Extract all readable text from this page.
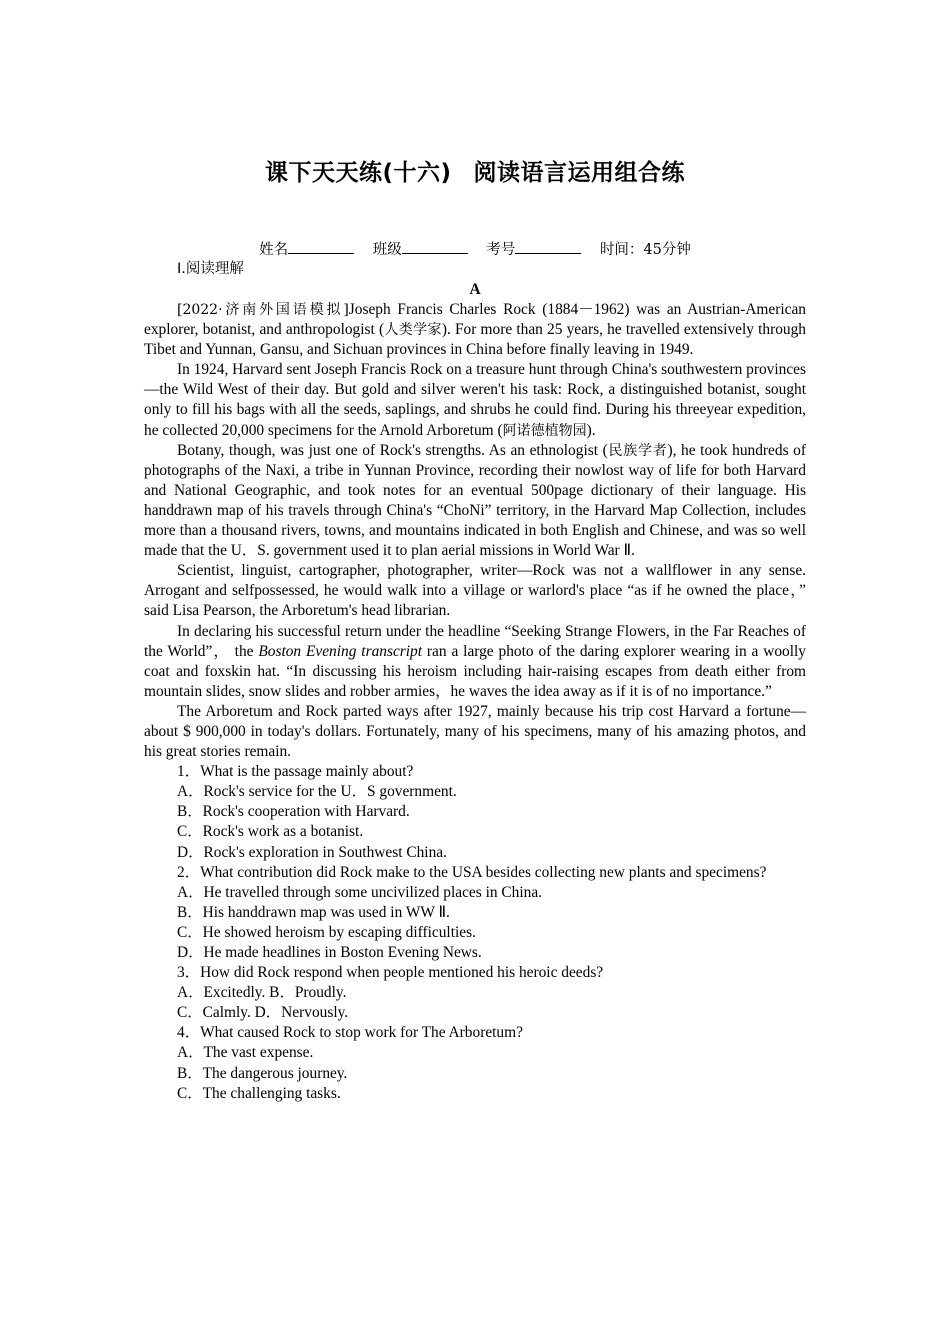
课下天天练(十六) 阅读语言运用组合练
姓名	班级	考号	时间：45分钟
Ⅰ.阅读理解
A

[2022·济南外国语模拟]Joseph Francis Charles Rock (1884－1962) was an Austrian-American explorer, botanist, and anthropologist (人类学家). For more than 25 years, he travelled extensively through Tibet and Yunnan, Gansu, and Sichuan provinces in China before finally leaving in 1949.

In 1924, Harvard sent Joseph Francis Rock on a treasure hunt through China's southwestern provinces—the Wild West of their day. But gold and silver weren't his task: Rock, a distinguished botanist, sought only to fill his bags with all the seeds, saplings, and shrubs he could find. During his threeyear expedition, he collected 20,000 specimens for the Arnold Arboretum (阿诺德植物园).

Botany, though, was just one of Rock's strengths. As an ethnologist (民族学者), he took hundreds of photographs of the Naxi, a tribe in Yunnan Province, recording their nowlost way of life for both Harvard and National Geographic, and took notes for an eventual 500page dictionary of their language. His handdrawn map of his travels through China's “ChoNi” territory, in the Harvard Map Collection, includes more than a thousand rivers, towns, and mountains indicated in both English and Chinese, and was so well made that the U．S. government used it to plan aerial missions in World War Ⅱ.

Scientist, linguist, cartographer, photographer, writer—Rock was not a wallflower in any sense. Arrogant and selfpossessed, he would walk into a village or warlord's place “as if he owned the place，” said Lisa Pearson, the Arboretum's head librarian.

In declaring his successful return under the headline “Seeking Strange Flowers, in the Far Reaches of the World”， the Boston Evening transcript ran a large photo of the daring explorer wearing in a woolly coat and foxskin hat. “In discussing his heroism including hair-raising escapes from death either from mountain slides, snow slides and robber armies，he waves the idea away as if it is of no importance.”

The Arboretum and Rock parted ways after 1927, mainly because his trip cost Harvard a fortune—about $ 900,000 in today's dollars. Fortunately, many of his specimens, many of his amazing photos, and his great stories remain.

1．What is the passage mainly about?

A．Rock's service for the U．S government.

B．Rock's cooperation with Harvard.

C．Rock's work as a botanist.

D．Rock's exploration in Southwest China.

2．What contribution did Rock make to the USA besides collecting new plants and specimens?

A．He travelled through some uncivilized places in China.

B．His handdrawn map was used in WW Ⅱ.

C．He showed heroism by escaping difficulties.

D．He made headlines in Boston Evening News.

3．How did Rock respond when people mentioned his heroic deeds?

A．Excitedly. B．Proudly.

C．Calmly. D．Nervously.

4．What caused Rock to stop work for The Arboretum?

A．The vast expense.

B．The dangerous journey.

C．The challenging tasks.
